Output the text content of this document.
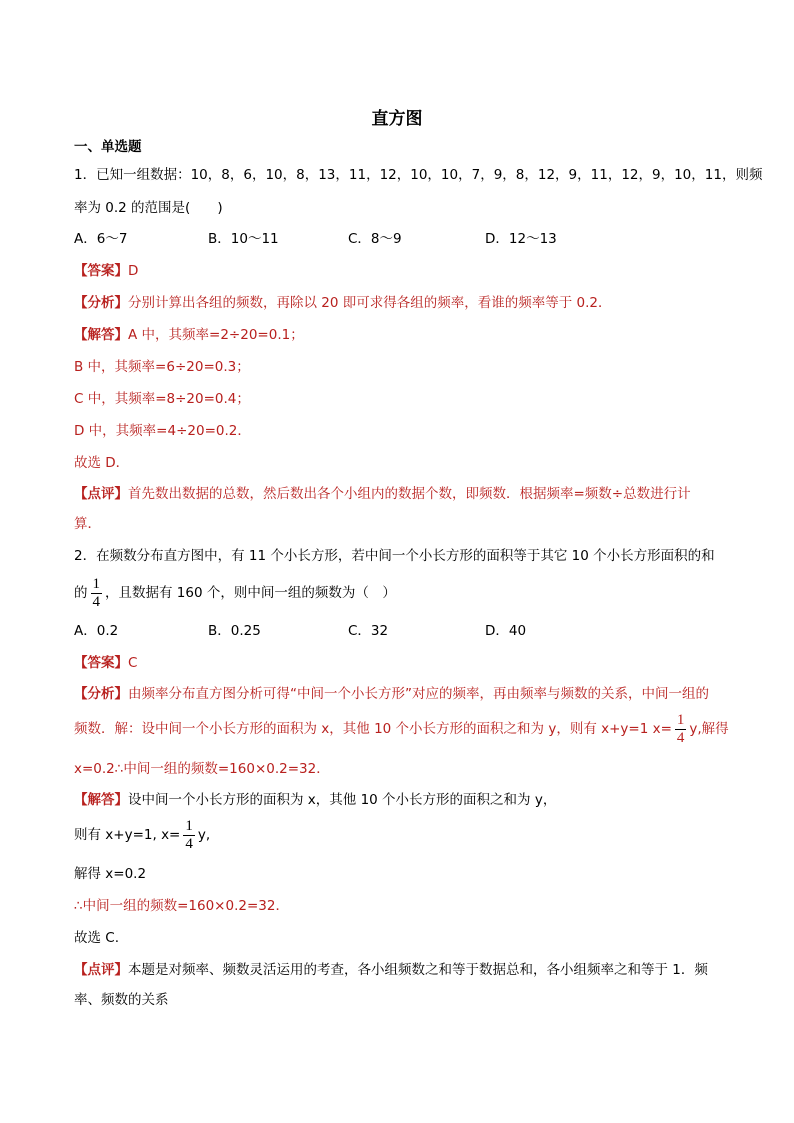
直方图
一、单选题
1．已知一组数据：10，8，6，10，8，13，11，12，10，10，7，9，8，12，9，11，12，9，10，11，则频
率为 0.2 的范围是(　　)
A．6～7	B．10～11	C．8～9	D．12～13
【答案】D
【分析】分别计算出各组的频数，再除以 20 即可求得各组的频率，看谁的频率等于 0.2．
【解答】A 中，其频率=2÷20=0.1；
B 中，其频率=6÷20=0.3；
C 中，其频率=8÷20=0.4；
D 中，其频率=4÷20=0.2．
故选 D．
【点评】首先数出数据的总数，然后数出各个小组内的数据个数，即频数．根据频率=频数÷总数进行计
算．
2．在频数分布直方图中，有 11 个小长方形，若中间一个小长方形的面积等于其它 10 个小长方形面积的和
的 $\frac{1}{4}$ ，且数据有 160 个，则中间一组的频数为（　）
A．0.2	B．0.25	C．32	D．40
【答案】C
【分析】由频率分布直方图分析可得“中间一个小长方形”对应的频率，再由频率与频数的关系，中间一组的
频数．解：设中间一个小长方形的面积为 x，其他 10 个小长方形的面积之和为 y，则有 x+y=1 $x= \frac{1}{4} y$,解得
x=0.2∴中间一组的频数=160×0.2=32．
【解答】设中间一个小长方形的面积为 x，其他 10 个小长方形的面积之和为 y，
则有 x+y=1, $x= \frac{1}{4} y$,
解得 x=0.2
∴中间一组的频数=160×0.2=32．
故选 C.
【点评】本题是对频率、频数灵活运用的考查，各小组频数之和等于数据总和，各小组频率之和等于 1．频
率、频数的关系
